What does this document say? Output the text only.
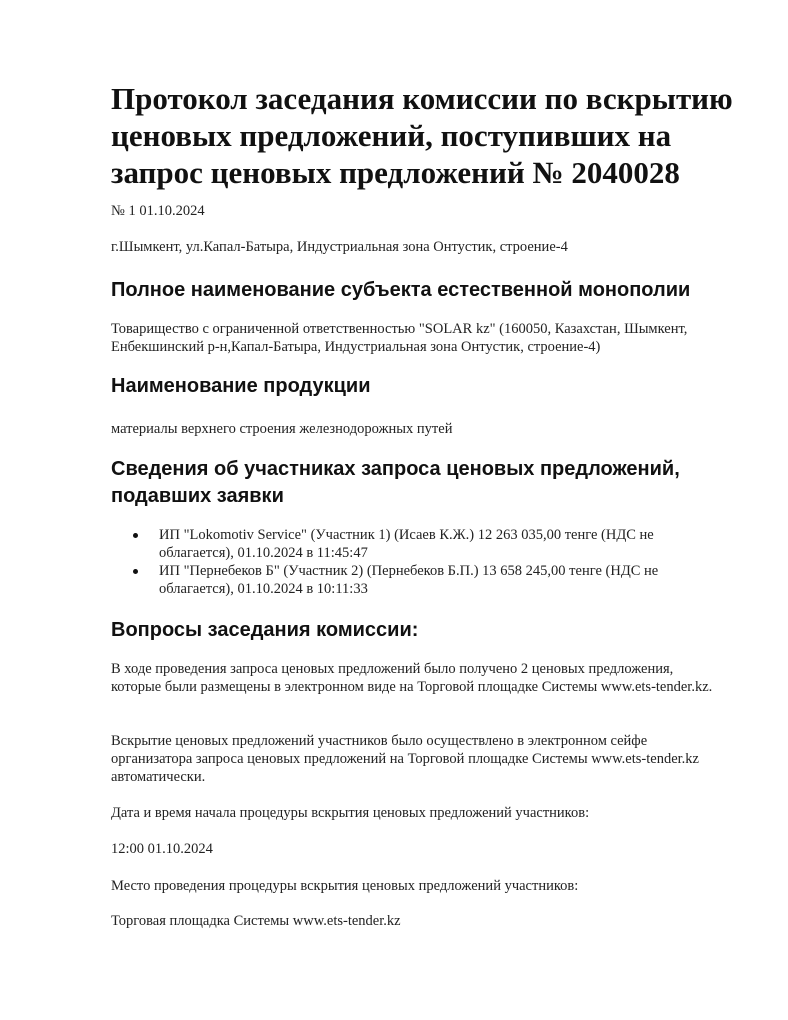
Протокол заседания комиссии по вскрытию ценовых предложений, поступивших на запрос ценовых предложений № 2040028

№ 1 01.10.2024

г.Шымкент, ул.Капал-Батыра, Индустриальная зона Онтустик, строение-4

Полное наименование субъекта естественной монополии

Товарищество с ограниченной ответственностью "SOLAR kz" (160050, Казахстан, Шымкент, Енбекшинский р-н,Капал-Батыра, Индустриальная зона Онтустик, строение-4)

Наименование продукции

материалы верхнего строения железнодорожных путей

Сведения об участниках запроса ценовых предложений, подавших заявки
ИП "Lokomotiv Service" (Участник 1) (Исаев К.Ж.) 12 263 035,00 тенге (НДС не облагается), 01.10.2024 в 11:45:47
ИП "Пернебеков Б" (Участник 2) (Пернебеков Б.П.) 13 658 245,00 тенге (НДС не облагается), 01.10.2024 в 10:11:33
Вопросы заседания комиссии:

В ходе проведения запроса ценовых предложений было получено 2 ценовых предложения, которые были размещены в электронном виде на Торговой площадке Системы www.ets-tender.kz.

Вскрытие ценовых предложений участников было осуществлено в электронном сейфе организатора запроса ценовых предложений на Торговой площадке Системы www.ets-tender.kz автоматически.

Дата и время начала процедуры вскрытия ценовых предложений участников:

12:00 01.10.2024

Место проведения процедуры вскрытия ценовых предложений участников:

Торговая площадка Системы www.ets-tender.kz
